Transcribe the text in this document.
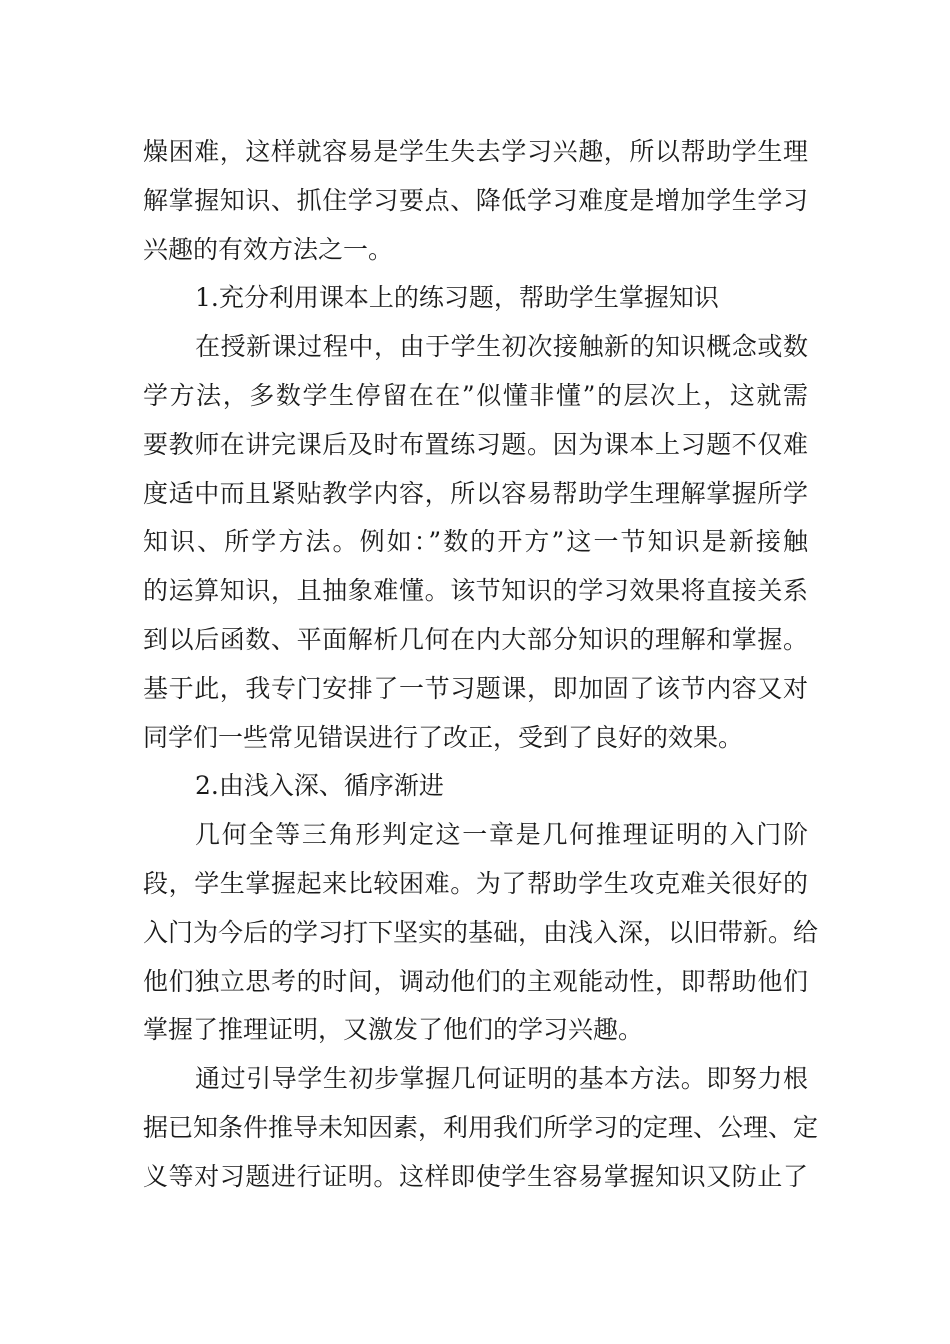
燥困难，这样就容易是学生失去学习兴趣，所以帮助学生理
解掌握知识、抓住学习要点、降低学习难度是增加学生学习
兴趣的有效方法之一。
1.充分利用课本上的练习题，帮助学生掌握知识
在授新课过程中，由于学生初次接触新的知识概念或数
学方法，多数学生停留在在”似懂非懂”的层次上，这就需
要教师在讲完课后及时布置练习题。因为课本上习题不仅难
度适中而且紧贴教学内容，所以容易帮助学生理解掌握所学
知识、所学方法。例如：”数的开方”这一节知识是新接触
的运算知识，且抽象难懂。该节知识的学习效果将直接关系
到以后函数、平面解析几何在内大部分知识的理解和掌握。
基于此，我专门安排了一节习题课，即加固了该节内容又对
同学们一些常见错误进行了改正，受到了良好的效果。
2.由浅入深、循序渐进
几何全等三角形判定这一章是几何推理证明的入门阶
段，学生掌握起来比较困难。为了帮助学生攻克难关很好的
入门为今后的学习打下坚实的基础，由浅入深，以旧带新。给
他们独立思考的时间，调动他们的主观能动性，即帮助他们
掌握了推理证明，又激发了他们的学习兴趣。
通过引导学生初步掌握几何证明的基本方法。即努力根
据已知条件推导未知因素，利用我们所学习的定理、公理、定
义等对习题进行证明。这样即使学生容易掌握知识又防止了
